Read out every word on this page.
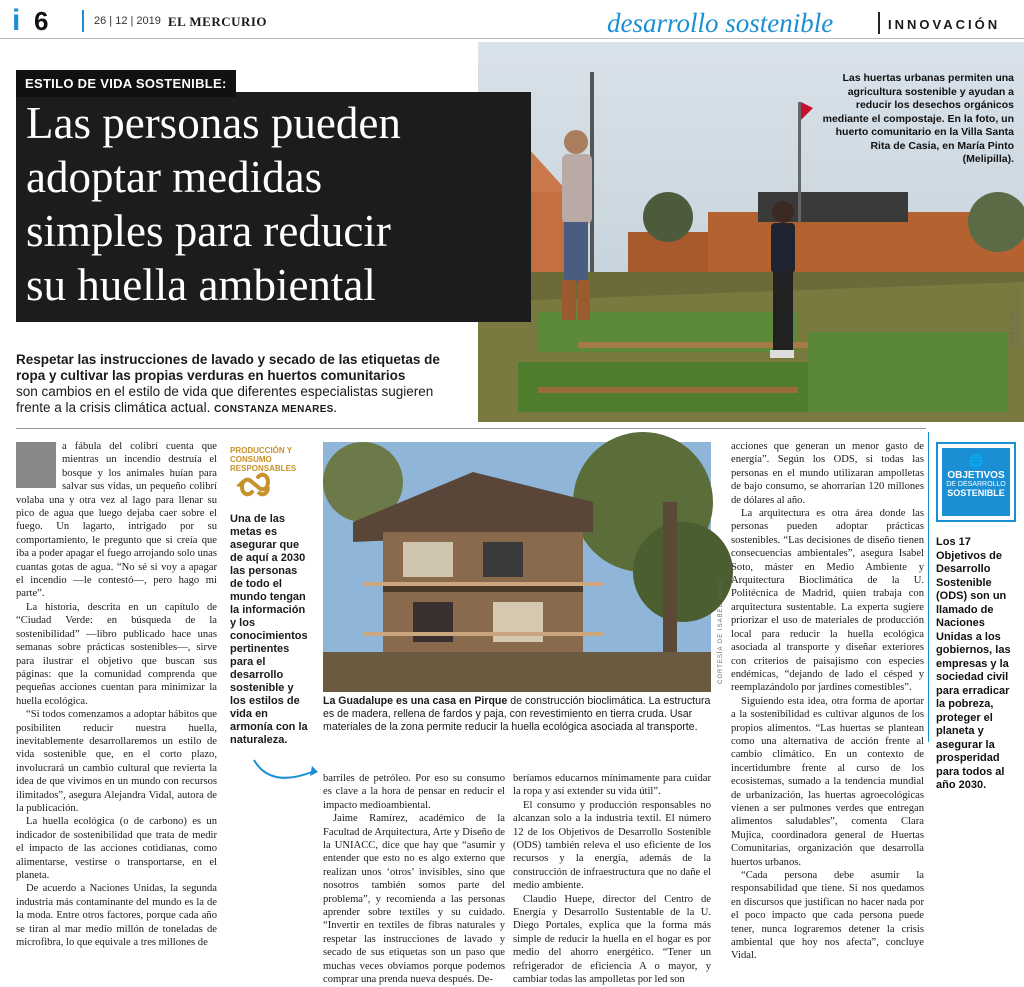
i 6	26 | 12 | 2019 EL MERCURIO	desarrollo sostenible	INNOVACIÓN
Las huertas urbanas permiten una agricultura sostenible y ayudan a reducir los desechos orgánicos mediante el compostaje. En la foto, un huerto comunitario en la Villa Santa Rita de Casia, en María Pinto (Melipilla).
HUERTAS COMUNITARIAS
Las personas pueden
adoptar medidas
simples para reducir
su huella ambiental
ESTILO DE VIDA SOSTENIBLE:
Respetar las instrucciones de lavado y secado de las etiquetas de ropa y cultivar las propias verduras en huertos comunitarios
son cambios en el estilo de vida que diferentes especialistas sugieren frente a la crisis climática actual. CONSTANZA MENARES.
L	a fábula del colibrí cuenta que mientras un incendio destruía el bosque y los animales huían para salvar sus vidas, un pequeño colibrí volaba una y otra vez al lago para llenar su pico de agua que luego dejaba caer sobre el fuego. Un lagarto, intrigado por su comportamiento, le pregunto que si creía que iba a poder apagar el fuego arrojando solo unas cuantas gotas de agua. “No sé si voy a apagar el incendio —le contestó—, pero hago mi parte”.

La historia, descrita en un capítulo de “Ciudad Verde: en búsqueda de la sostenibilidad” —libro publicado hace unas semanas sobre prácticas sostenibles—, sirve para ilustrar el objetivo que buscan sus páginas: que la comunidad comprenda que pequeñas acciones cuentan para minimizar la huella ecológica.

“Si todos comenzamos a adoptar hábitos que posibiliten reducir nuestra huella, inevitablemente desarrollaremos un estilo de vida sostenible que, en el corto plazo, involucrará un cambio cultural que revierta la idea de que vivimos en un mundo con recursos ilimitados”, asegura Alejandra Vidal, autora de la publicación.

La huella ecológica (o de carbono) es un indicador de sostenibilidad que trata de medir el impacto de las acciones cotidianas, como alimentarse, vestirse o transportarse, en el planeta.

De acuerdo a Naciones Unidas, la segunda industria más contaminante del mundo es la de la moda. Entre otros factores, porque cada año se tiran al mar medio millón de toneladas de microfibra, lo que equivale a tres millones de

PRODUCCIÓN Y CONSUMO RESPONSABLES
Una de las metas es asegurar que de aquí a 2030 las personas de todo el mundo tengan la información y los conocimientos pertinentes para el desarrollo sostenible y los estilos de vida en armonía con la naturaleza.
CORTESÍA DE ISABEL SOTO
La Guadalupe es una casa en Pirque de construcción bioclimática. La estructura es de madera, rellena de fardos y paja, con revestimiento en tierra cruda. Usar materiales de la zona permite reducir la huella ecológica asociada al transporte.

barriles de petróleo. Por eso su consumo es clave a la hora de pensar en reducir el impacto medioambiental.

Jaime Ramírez, académico de la Facultad de Arquitectura, Arte y Diseño de la UNIACC, dice que hay que “asumir y entender que esto no es algo externo que realizan unos ‘otros’ invisibles, sino que nosotros también somos parte del problema”, y recomienda a las personas aprender sobre textiles y su cuidado. “Invertir en textiles de fibras naturales y respetar las instrucciones de lavado y secado de sus etiquetas son un paso que muchas veces obviamos porque podemos comprar una prenda nueva después. De-

beríamos educarnos mínimamente para cuidar la ropa y así extender su vida útil”.

El consumo y producción responsables no alcanzan solo a la industria textil. El número 12 de los Objetivos de Desarrollo Sostenible (ODS) también releva el uso eficiente de los recursos y la energía, además de la construcción de infraestructura que no dañe el medio ambiente.

Claudio Huepe, director del Centro de Energía y Desarrollo Sustentable de la U. Diego Portales, explica que la forma más simple de reducir la huella en el hogar es por medio del ahorro energético. “Tener un refrigerador de eficiencia A o mayor, y cambiar todas las ampolletas por led son

acciones que generan un menor gasto de energía”. Según los ODS, si todas las personas en el mundo utilizaran ampolletas de bajo consumo, se ahorrarían 120 millones de dólares al año.

La arquitectura es otra área donde las personas pueden adoptar prácticas sostenibles. “Las decisiones de diseño tienen consecuencias ambientales”, asegura Isabel Soto, máster en Medio Ambiente y Arquitectura Bioclimática de la U. Politécnica de Madrid, quien trabaja con arquitectura sustentable. La experta sugiere priorizar el uso de materiales de producción local para reducir la huella ecológica asociada al transporte y diseñar exteriores con criterios de paisajismo con especies endémicas, “dejando de lado el césped y reemplazándolo por jardines comestibles”.

Siguiendo esta idea, otra forma de aportar a la sostenibilidad es cultivar algunos de los propios alimentos. “Las huertas se plantean como una alternativa de acción frente al cambio climático. En un contexto de incertidumbre frente al curso de los ecosistemas, sumado a la tendencia mundial de urbanización, las huertas agroecológicas vienen a ser pulmones verdes que entregan alimentos saludables”, comenta Clara Mujica, coordinadora general de Huertas Comunitarias, organización que desarrolla huertos urbanos.

“Cada persona debe asumir la responsabilidad que tiene. Si nos quedamos en discursos que justifican no hacer nada por el poco impacto que cada persona puede tener, nunca lograremos detener la crisis ambiental que hoy nos afecta”, concluye Vidal.

🌐
OBJETIVOS
DE DESARROLLO
SOSTENIBLE
Los 17 Objetivos de Desarrollo Sostenible (ODS) son un llamado de Naciones Unidas a los gobiernos, las empresas y la sociedad civil para erradicar la pobreza, proteger el planeta y asegurar la prosperidad para todos al año 2030.
